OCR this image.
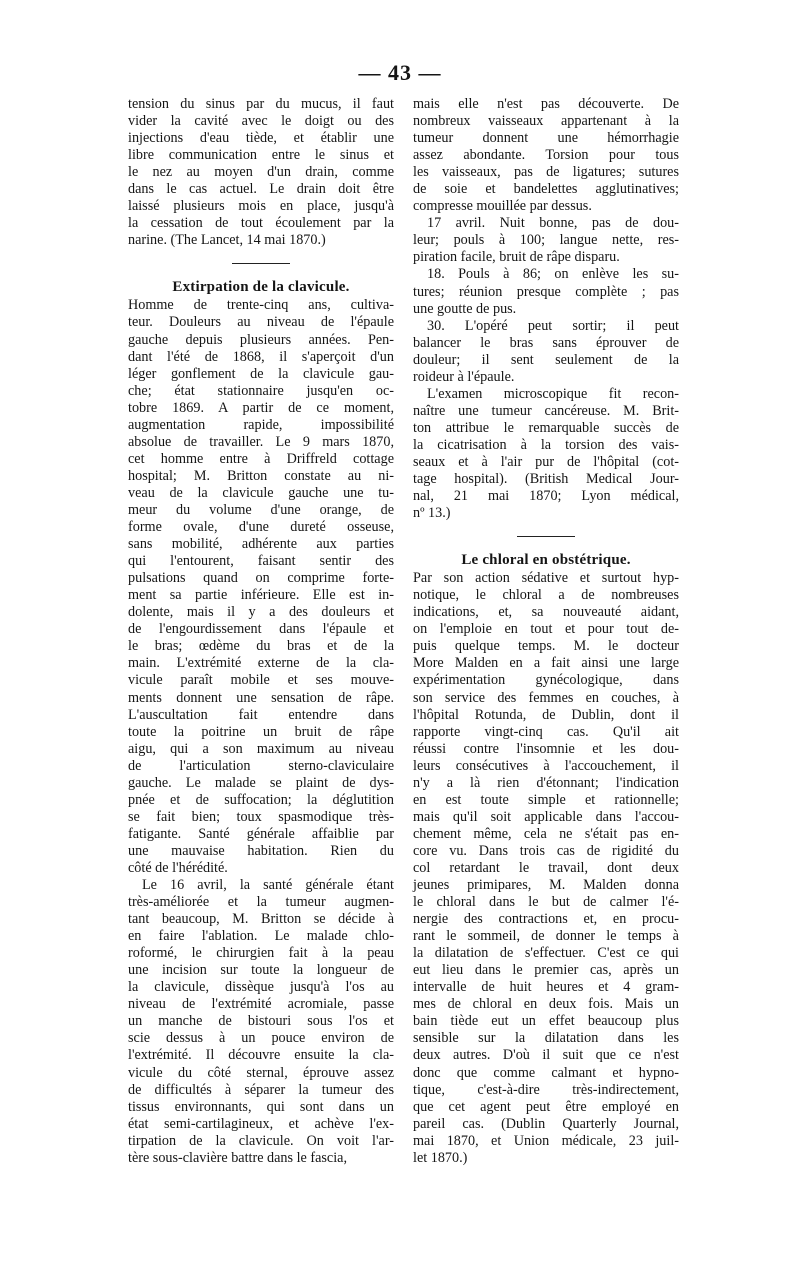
— 43 —
tension du sinus par du mucus, il faut
vider la cavité avec le doigt ou des
injections d'eau tiède, et établir une
libre communication entre le sinus et
le nez au moyen d'un drain, comme
dans le cas actuel. Le drain doit être
laissé plusieurs mois en place, jusqu'à
la cessation de tout écoulement par la
narine. (The Lancet, 14 mai 1870.)
Extirpation de la clavicule.
Homme de trente-cinq ans, cultiva-
teur. Douleurs au niveau de l'épaule
gauche depuis plusieurs années. Pen-
dant l'été de 1868, il s'aperçoit d'un
léger gonflement de la clavicule gau-
che; état stationnaire jusqu'en oc-
tobre 1869. A partir de ce moment,
augmentation rapide, impossibilité
absolue de travailler. Le 9 mars 1870,
cet homme entre à Driffreld cottage
hospital; M. Britton constate au ni-
veau de la clavicule gauche une tu-
meur du volume d'une orange, de
forme ovale, d'une dureté osseuse,
sans mobilité, adhérente aux parties
qui l'entourent, faisant sentir des
pulsations quand on comprime forte-
ment sa partie inférieure. Elle est in-
dolente, mais il y a des douleurs et
de l'engourdissement dans l'épaule et
le bras; œdème du bras et de la
main. L'extrémité externe de la cla-
vicule paraît mobile et ses mouve-
ments donnent une sensation de râpe.
L'auscultation fait entendre dans
toute la poitrine un bruit de râpe
aigu, qui a son maximum au niveau
de l'articulation sterno-claviculaire
gauche. Le malade se plaint de dys-
pnée et de suffocation; la déglutition
se fait bien; toux spasmodique très-
fatigante. Santé générale affaiblie par
une mauvaise habitation. Rien du
côté de l'hérédité.
Le 16 avril, la santé générale étant
très-améliorée et la tumeur augmen-
tant beaucoup, M. Britton se décide à
en faire l'ablation. Le malade chlo-
roformé, le chirurgien fait à la peau
une incision sur toute la longueur de
la clavicule, dissèque jusqu'à l'os au
niveau de l'extrémité acromiale, passe
un manche de bistouri sous l'os et
scie dessus à un pouce environ de
l'extrémité. Il découvre ensuite la cla-
vicule du côté sternal, éprouve assez
de difficultés à séparer la tumeur des
tissus environnants, qui sont dans un
état semi-cartilagineux, et achève l'ex-
tirpation de la clavicule. On voit l'ar-
tère sous-clavière battre dans le fascia,
mais elle n'est pas découverte. De
nombreux vaisseaux appartenant à la
tumeur donnent une hémorrhagie
assez abondante. Torsion pour tous
les vaisseaux, pas de ligatures; sutures
de soie et bandelettes agglutinatives;
compresse mouillée par dessus.
17 avril. Nuit bonne, pas de dou-
leur; pouls à 100; langue nette, res-
piration facile, bruit de râpe disparu.
18. Pouls à 86; on enlève les su-
tures; réunion presque complète ; pas
une goutte de pus.
30. L'opéré peut sortir; il peut
balancer le bras sans éprouver de
douleur; il sent seulement de la
roideur à l'épaule.
L'examen microscopique fit recon-
naître une tumeur cancéreuse. M. Brit-
ton attribue le remarquable succès de
la cicatrisation à la torsion des vais-
seaux et à l'air pur de l'hôpital (cot-
tage hospital). (British Medical Jour-
nal, 21 mai 1870; Lyon médical,
nº 13.)
Le chloral en obstétrique.
Par son action sédative et surtout hyp-
notique, le chloral a de nombreuses
indications, et, sa nouveauté aidant,
on l'emploie en tout et pour tout de-
puis quelque temps. M. le docteur
More Malden en a fait ainsi une large
expérimentation gynécologique, dans
son service des femmes en couches, à
l'hôpital Rotunda, de Dublin, dont il
rapporte vingt-cinq cas. Qu'il ait
réussi contre l'insomnie et les dou-
leurs consécutives à l'accouchement, il
n'y a là rien d'étonnant; l'indication
en est toute simple et rationnelle;
mais qu'il soit applicable dans l'accou-
chement même, cela ne s'était pas en-
core vu. Dans trois cas de rigidité du
col retardant le travail, dont deux
jeunes primipares, M. Malden donna
le chloral dans le but de calmer l'é-
nergie des contractions et, en procu-
rant le sommeil, de donner le temps à
la dilatation de s'effectuer. C'est ce qui
eut lieu dans le premier cas, après un
intervalle de huit heures et 4 gram-
mes de chloral en deux fois. Mais un
bain tiède eut un effet beaucoup plus
sensible sur la dilatation dans les
deux autres. D'où il suit que ce n'est
donc que comme calmant et hypno-
tique, c'est-à-dire très-indirectement,
que cet agent peut être employé en
pareil cas. (Dublin Quarterly Journal,
mai 1870, et Union médicale, 23 juil-
let 1870.)
